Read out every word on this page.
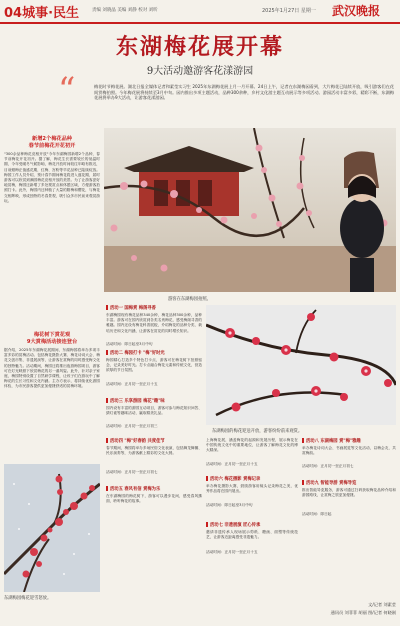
04城事·民生	责编 刘晓晶 美编 刘静 校对 刘昕	2025年1月27日 星期一 武汉晚报
东湖梅花展开幕
9大活动邀游客花漾游园
“	梅花时节梅花展。湖北日报全媒体记者和素莹实习生 2025年东湖梅花展上月一月开幕。24日上午，记者在东湖梅园看到，大片梅花已陆续开放，吸引游客们在花间赏梅拍照。今年梅花展将持续至3月中旬。园内推出多项主题活动，品种300余种，乡村文化游主题互动展示等多项活动。游园活动丰富多彩，精彩不断，东湖梅花展将举办9大活动，让游客花漾游园。
新增2个梅花品种
春节前梅花开花初开
"300余品种梅花竞相开放"今年东湖梅园新增2个品种，春节前梅花开花初开。据了解，梅花生长需要较长的低温时期，今年受暖冬气候影响，梅花开放时间较往年略有推迟，目前蜡梅正值盛花期，红梅、宫粉等早花品种已陆续绽放。梅园工作人员介绍，预计春节期间梅花将进入盛花期，届时游客可以欣赏到满园梅花竞相开放的美景。为了让游客更好地赏梅，梅园还新增了多处观赏点和休憩区域，方便游客拍照打卡。此外，梅园内还种植了大量的腊梅和樱花，与梅花交相辉映，形成独特的冬春景观，吸引众多市民前来观赏游玩。
梅花树下赏花观
9大赏梅活动接连登台
据介绍，2025年东湖梅花展期间，东湖梅园将举办多项丰富多彩的赏梅活动。包括梅花摄影大赛、梅花诗词大会、梅花文创市集、非遗展演等，让游客在赏梅的同时感受梅文化的独特魅力。活动期间，梅园还将推出夜游梅园项目，游客可在灯光映照下欣赏梅花的另一番风姿。此外，针对亲子家庭，梅园特别设置了自然研学课程，让孩子们在游玩中了解梅花的生长习性和文化内涵。主办方表示，将持续优化游园体验，为市民游客提供更加便捷舒适的赏梅环境。
东湖梅园梅花迎雪怒放。
游客在东湖梅园拍照。
活动一 国梅赏 梅阁寻香
东湖梅园现有梅花品种340余种，梅花品种300余种，品种丰富。游客可在园内欣赏到各类名贵梅花，感受梅阁寻香的雅趣。园内还设有梅花科普展板，介绍梅花的品种分类、栽培历史和文化内涵，让游客在赏花的同时增长知识。
活动时间：即日起至3月中旬
活动二 梅园打卡 "梅"好时光
梅园精心打造多个特色打卡点，游客可在梅花树下拍照留念，记录美好时光。打卡点融合梅花元素和传统文化，营造浓厚的节日氛围。
活动时间：正月初一至正月十五
活动三 乐享游园 梅花"趣"味
园内设有丰富的游园互动项目，游客可参与梅花知识问答、猜灯谜等趣味活动，赢取精美礼品。
活动时间：正月初一至正月初三
活动四 "梅"好春韵 共度佳节
春节期间，梅园将举办多场民俗文化表演，包括舞龙舞狮、民乐演奏等，为游客献上精彩的文化大餐。
活动时间：正月初一至正月初七
活动五 春风有信 赏梅为乐
在东湖梅园的梅花树下，游客可以漫步花间，感受春风拂面，聆听梅花的故事。
东湖梅园的梅花迎送开放，游客纷纷前来观赏。
上海梅花展，涵盖梅花的起源和发展历程，展示梅花在中国传统文化中的重要地位，让游客了解梅花文化的博大精深。
活动时间：正月初一至正月十五
活动六 梅花摄影 赏梅记录
举办梅花摄影大赛，鼓励游客用镜头记录梅花之美，优秀作品将在园内展出。
活动时间：即日起至3月中旬
活动七 非遗展演 匠心传承
邀请非遗传承人现场展示剪纸、糖画、面塑等传统技艺，让游客近距离感受非遗魅力。
活动时间：正月初一至正月十五
活动八 东湖梅园 赏"梅"雅趣
举办梅花诗词大会、书画展览等文化活动，以梅会友，共赏梅韵。
活动时间：正月初一至正月初七
活动九 智能导游 赏梅导览
推出智能导览服务，游客可通过扫码获取梅花品种介绍和游园路线，让赏梅之旅更加便捷。
活动时间：即日起
文/记者 刘素莹
通讯员 刘菲菲 胡丽 图/记者 何晓刚
